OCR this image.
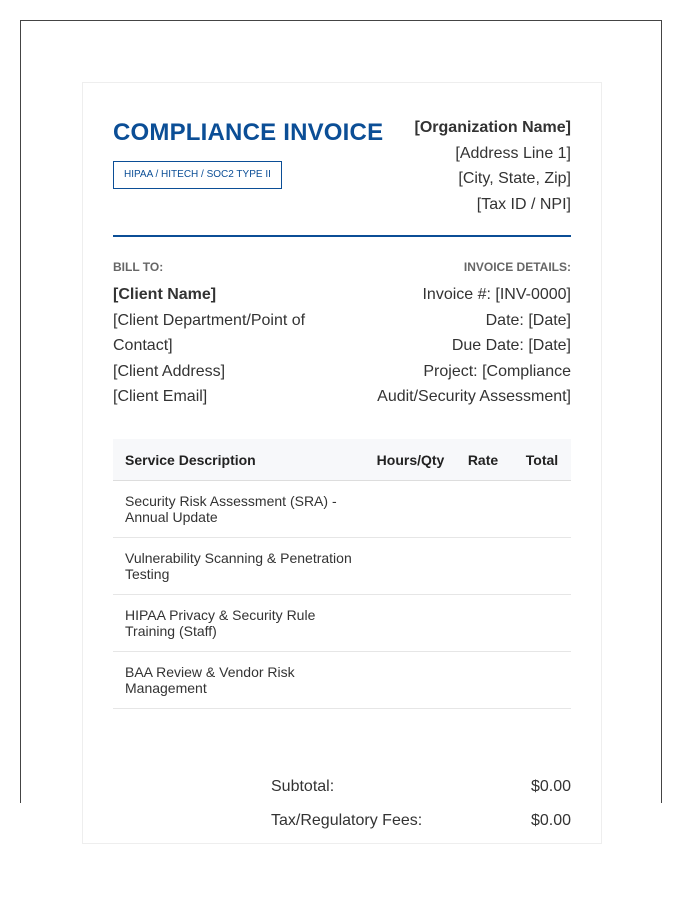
COMPLIANCE INVOICE
HIPAA / HITECH / SOC2 TYPE II
[Organization Name]
[Address Line 1]
[City, State, Zip]
[Tax ID / NPI]
BILL TO:	INVOICE DETAILS:
[Client Name]
[Client Department/Point of Contact]
[Client Address]
[Client Email]
Invoice #: [INV-0000]
Date: [Date]
Due Date: [Date]
Project: [Compliance Audit/Security Assessment]
Service Description	Hours/Qty	Rate	Total
Security Risk Assessment (SRA) - Annual Update			
Vulnerability Scanning & Penetration Testing			
HIPAA Privacy & Security Rule Training (Staff)			
BAA Review & Vendor Risk Management			
Subtotal:	$0.00
Tax/Regulatory Fees:	$0.00
